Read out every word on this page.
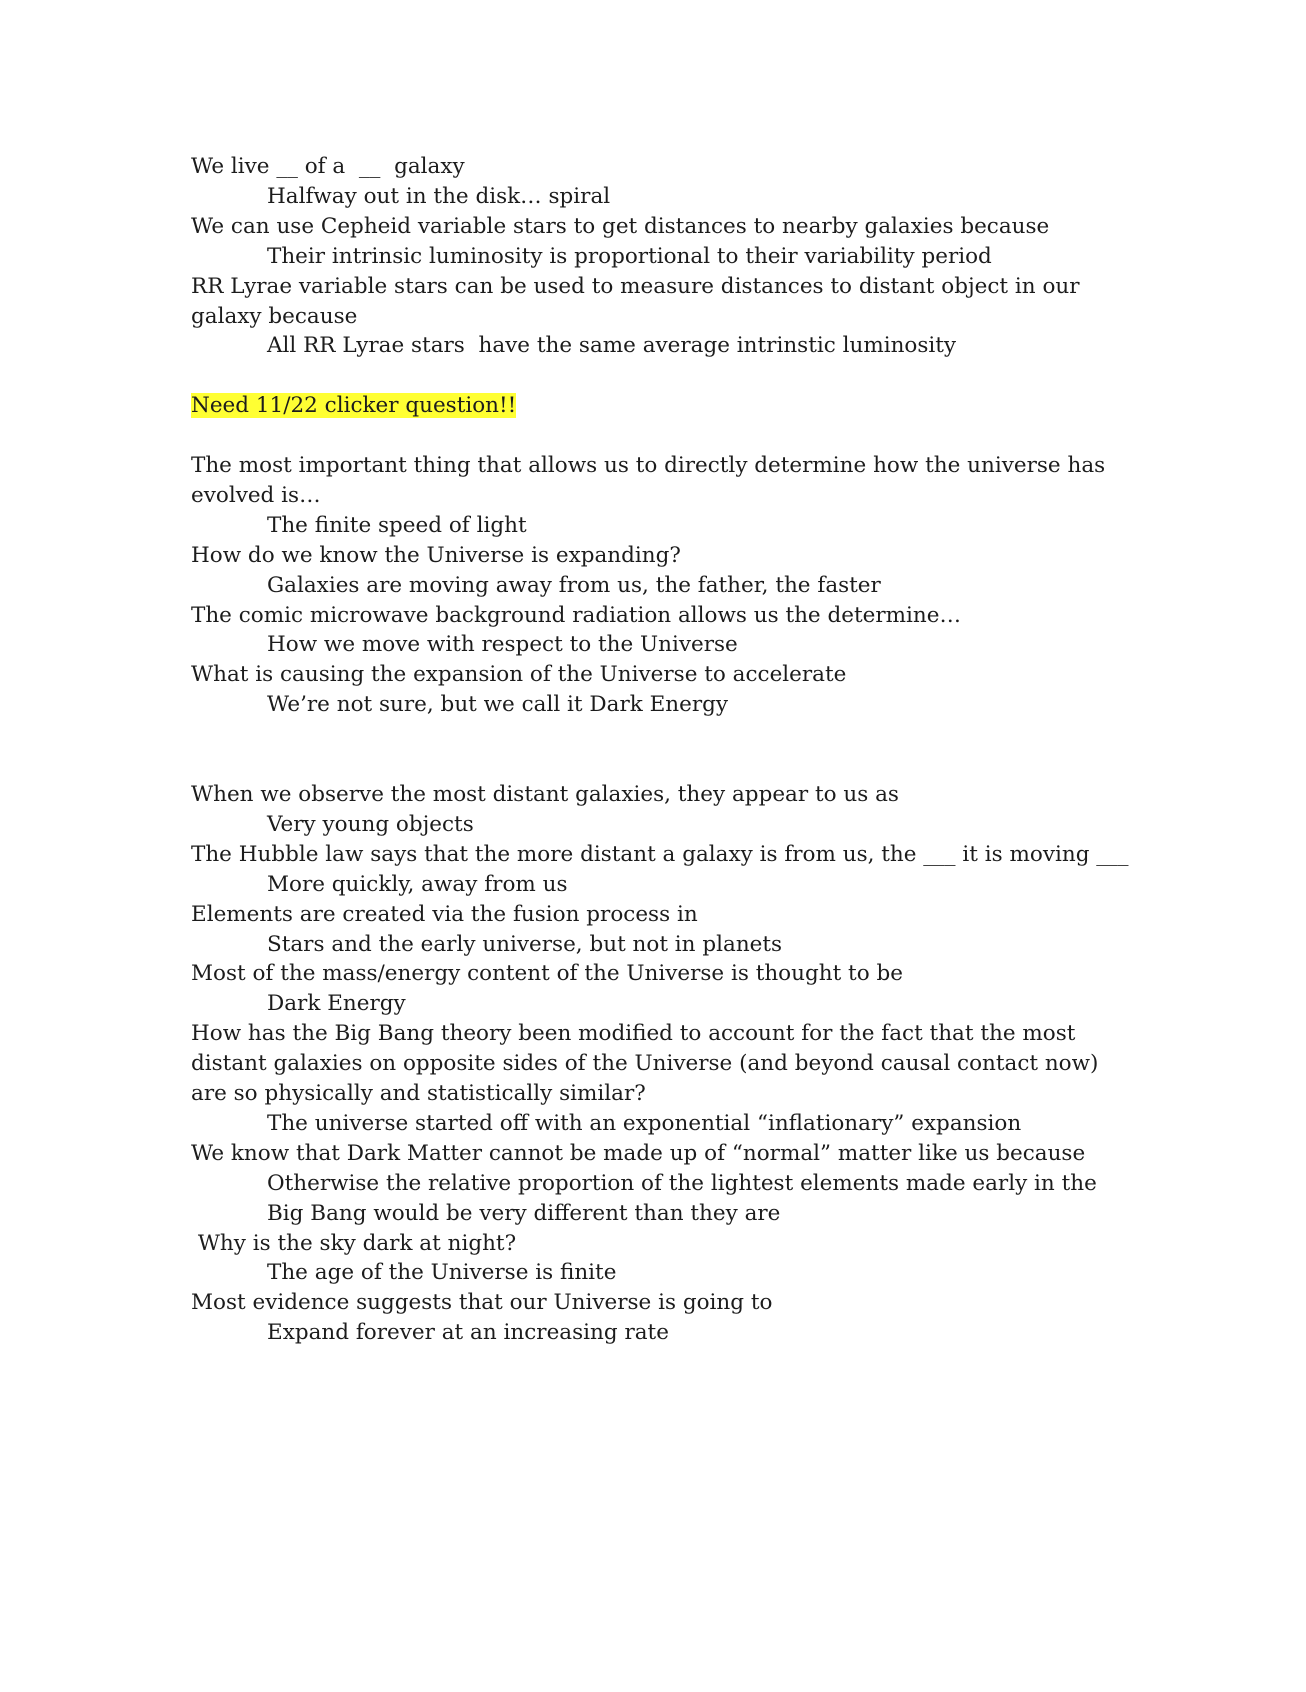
We live __ of a  __  galaxy
Halfway out in the disk… spiral
We can use Cepheid variable stars to get distances to nearby galaxies because
Their intrinsic luminosity is proportional to their variability period
RR Lyrae variable stars can be used to measure distances to distant object in our
galaxy because
All RR Lyrae stars  have the same average intrinstic luminosity
Need 11/22 clicker question!!
The most important thing that allows us to directly determine how the universe has
evolved is…
The finite speed of light
How do we know the Universe is expanding?
Galaxies are moving away from us, the father, the faster
The comic microwave background radiation allows us the determine…
How we move with respect to the Universe
What is causing the expansion of the Universe to accelerate
We’re not sure, but we call it Dark Energy
When we observe the most distant galaxies, they appear to us as
Very young objects
The Hubble law says that the more distant a galaxy is from us, the ___ it is moving ___
More quickly, away from us
Elements are created via the fusion process in
Stars and the early universe, but not in planets
Most of the mass/energy content of the Universe is thought to be
Dark Energy
How has the Big Bang theory been modified to account for the fact that the most
distant galaxies on opposite sides of the Universe (and beyond causal contact now)
are so physically and statistically similar?
The universe started off with an exponential “inflationary” expansion
We know that Dark Matter cannot be made up of “normal” matter like us because
Otherwise the relative proportion of the lightest elements made early in the
Big Bang would be very different than they are
Why is the sky dark at night?
The age of the Universe is finite
Most evidence suggests that our Universe is going to
Expand forever at an increasing rate
